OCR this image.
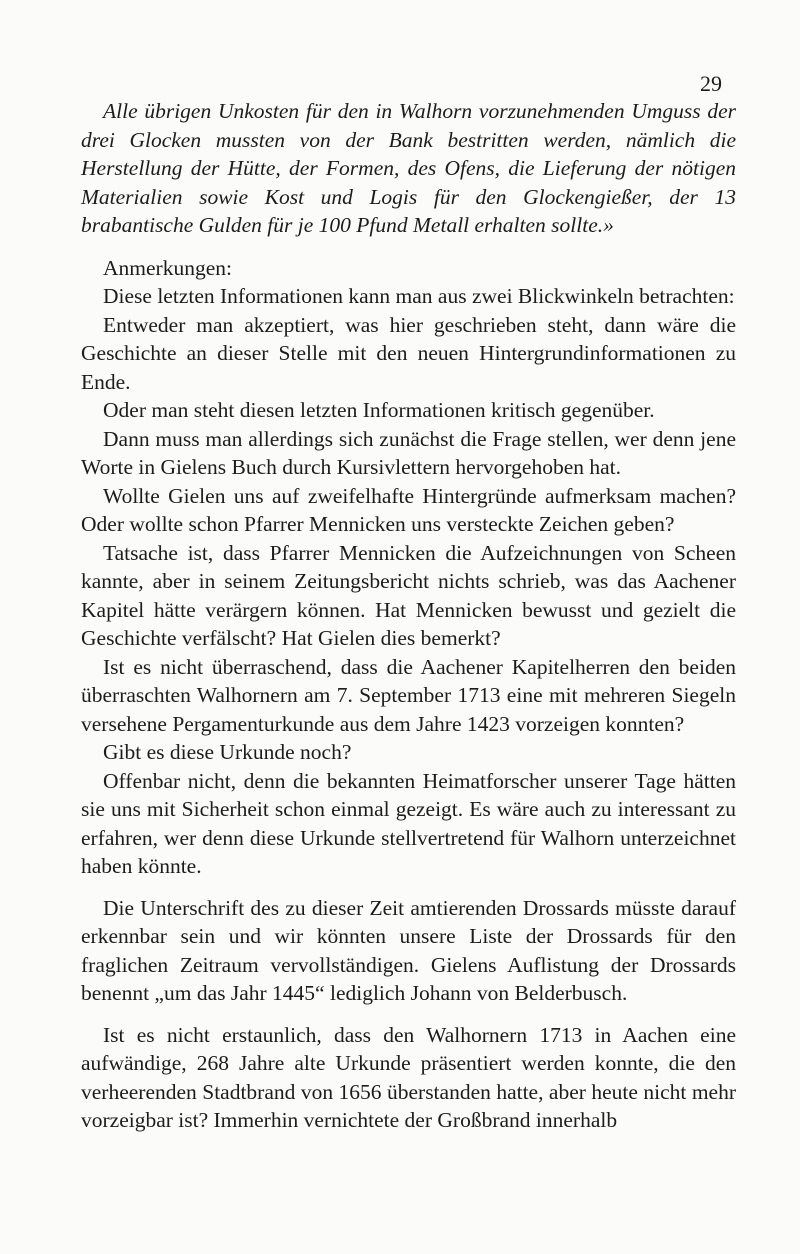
29

Alle übrigen Unkosten für den in Walhorn vorzunehmenden Umguss der drei Glocken mussten von der Bank bestritten werden, nämlich die Herstellung der Hütte, der Formen, des Ofens, die Lieferung der nötigen Materialien sowie Kost und Logis für den Glockengießer, der 13 brabantische Gulden für je 100 Pfund Metall erhalten sollte.»

Anmerkungen:

Diese letzten Informationen kann man aus zwei Blickwinkeln betrachten:

Entweder man akzeptiert, was hier geschrieben steht, dann wäre die Geschichte an dieser Stelle mit den neuen Hintergrundinformationen zu Ende.

Oder man steht diesen letzten Informationen kritisch gegenüber.

Dann muss man allerdings sich zunächst die Frage stellen, wer denn jene Worte in Gielens Buch durch Kursivlettern hervorgehoben hat.

Wollte Gielen uns auf zweifelhafte Hintergründe aufmerksam machen? Oder wollte schon Pfarrer Mennicken uns versteckte Zeichen geben?

Tatsache ist, dass Pfarrer Mennicken die Aufzeichnungen von Scheen kannte, aber in seinem Zeitungsbericht nichts schrieb, was das Aachener Kapitel hätte verärgern können. Hat Mennicken bewusst und gezielt die Geschichte verfälscht? Hat Gielen dies bemerkt?

Ist es nicht überraschend, dass die Aachener Kapitelherren den beiden überraschten Walhornern am 7. September 1713 eine mit mehreren Siegeln versehene Pergamenturkunde aus dem Jahre 1423 vorzeigen konnten?

Gibt es diese Urkunde noch?

Offenbar nicht, denn die bekannten Heimatforscher unserer Tage hätten sie uns mit Sicherheit schon einmal gezeigt. Es wäre auch zu interessant zu erfahren, wer denn diese Urkunde stellvertretend für Walhorn unterzeichnet haben könnte.

Die Unterschrift des zu dieser Zeit amtierenden Drossards müsste darauf erkennbar sein und wir könnten unsere Liste der Drossards für den fraglichen Zeitraum vervollständigen. Gielens Auflistung der Drossards benennt „um das Jahr 1445“ lediglich Johann von Belderbusch.

Ist es nicht erstaunlich, dass den Walhornern 1713 in Aachen eine aufwändige, 268 Jahre alte Urkunde präsentiert werden konnte, die den verheerenden Stadtbrand von 1656 überstanden hatte, aber heute nicht mehr vorzeigbar ist? Immerhin vernichtete der Großbrand innerhalb
